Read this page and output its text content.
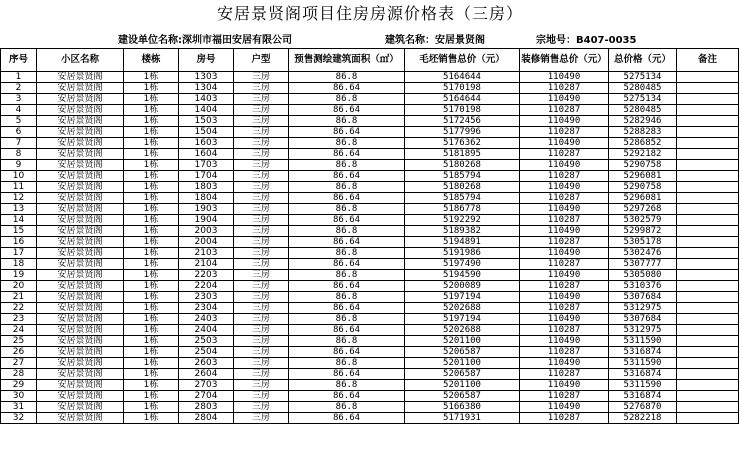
安居景贤阁项目住房房源价格表（三房）
建设单位名称:深圳市福田安居有限公司	建筑名称：安居景贤阁	宗地号：B407-0035
序号	小区名称	楼栋	房号	户型	预售测绘建筑面积（㎡）	毛坯销售总价（元）	装修销售总价（元）	总价格（元）	备注
1	安居景贤阁	1栋	1303	三房	86.8	5164644	110490	5275134	
2	安居景贤阁	1栋	1304	三房	86.64	5170198	110287	5280485	
3	安居景贤阁	1栋	1403	三房	86.8	5164644	110490	5275134	
4	安居景贤阁	1栋	1404	三房	86.64	5170198	110287	5280485	
5	安居景贤阁	1栋	1503	三房	86.8	5172456	110490	5282946	
6	安居景贤阁	1栋	1504	三房	86.64	5177996	110287	5288283	
7	安居景贤阁	1栋	1603	三房	86.8	5176362	110490	5286852	
8	安居景贤阁	1栋	1604	三房	86.64	5181895	110287	5292182	
9	安居景贤阁	1栋	1703	三房	86.8	5180268	110490	5290758	
10	安居景贤阁	1栋	1704	三房	86.64	5185794	110287	5296081	
11	安居景贤阁	1栋	1803	三房	86.8	5180268	110490	5290758	
12	安居景贤阁	1栋	1804	三房	86.64	5185794	110287	5296081	
13	安居景贤阁	1栋	1903	三房	86.8	5186778	110490	5297268	
14	安居景贤阁	1栋	1904	三房	86.64	5192292	110287	5302579	
15	安居景贤阁	1栋	2003	三房	86.8	5189382	110490	5299872	
16	安居景贤阁	1栋	2004	三房	86.64	5194891	110287	5305178	
17	安居景贤阁	1栋	2103	三房	86.8	5191986	110490	5302476	
18	安居景贤阁	1栋	2104	三房	86.64	5197490	110287	5307777	
19	安居景贤阁	1栋	2203	三房	86.8	5194590	110490	5305080	
20	安居景贤阁	1栋	2204	三房	86.64	5200089	110287	5310376	
21	安居景贤阁	1栋	2303	三房	86.8	5197194	110490	5307684	
22	安居景贤阁	1栋	2304	三房	86.64	5202688	110287	5312975	
23	安居景贤阁	1栋	2403	三房	86.8	5197194	110490	5307684	
24	安居景贤阁	1栋	2404	三房	86.64	5202688	110287	5312975	
25	安居景贤阁	1栋	2503	三房	86.8	5201100	110490	5311590	
26	安居景贤阁	1栋	2504	三房	86.64	5206587	110287	5316874	
27	安居景贤阁	1栋	2603	三房	86.8	5201100	110490	5311590	
28	安居景贤阁	1栋	2604	三房	86.64	5206587	110287	5316874	
29	安居景贤阁	1栋	2703	三房	86.8	5201100	110490	5311590	
30	安居景贤阁	1栋	2704	三房	86.64	5206587	110287	5316874	
31	安居景贤阁	1栋	2803	三房	86.8	5166380	110490	5276870	
32	安居景贤阁	1栋	2804	三房	86.64	5171931	110287	5282218	
